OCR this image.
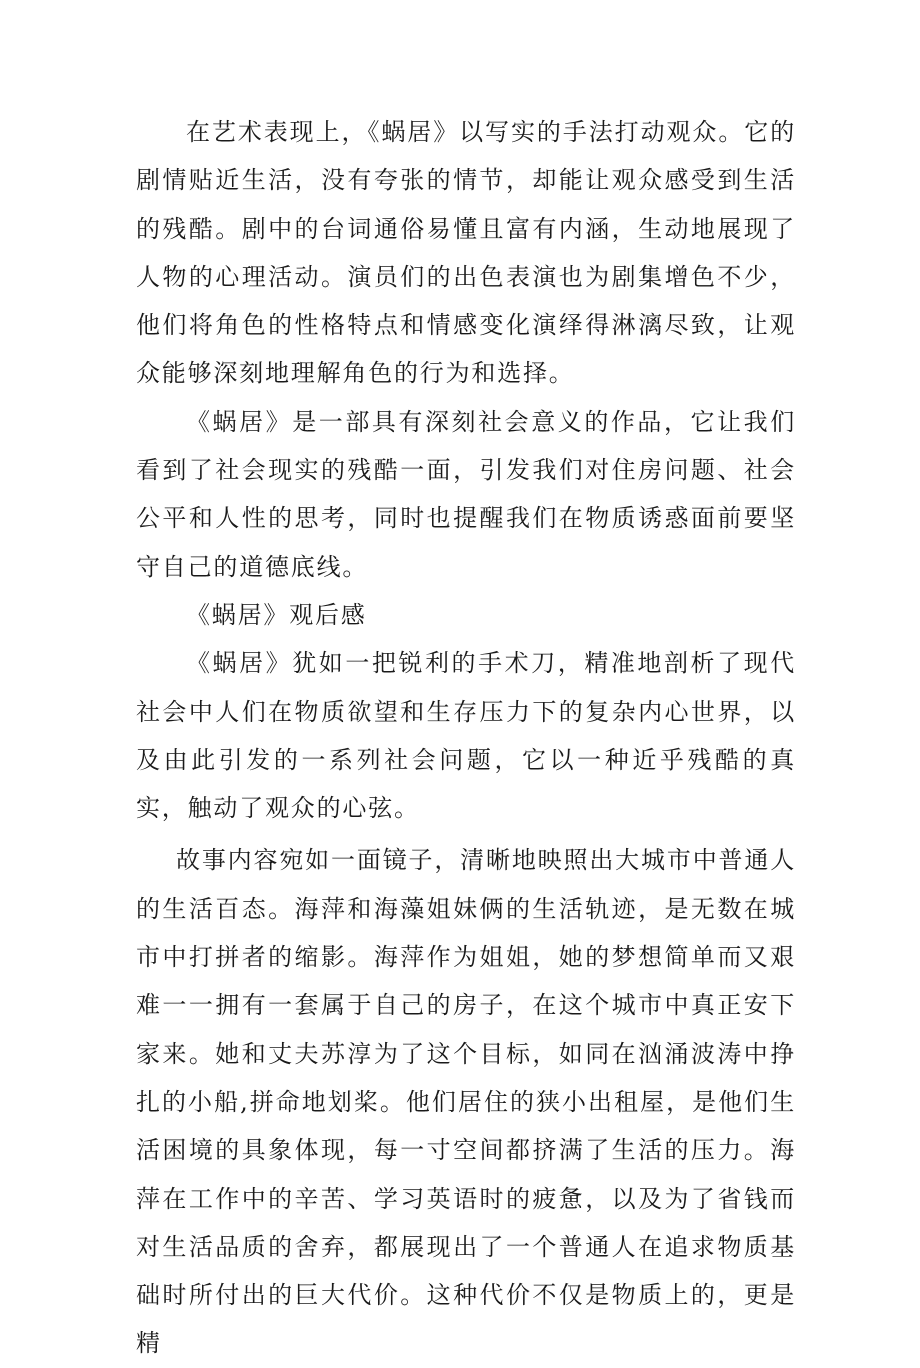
在艺术表现上，《蜗居》以写实的手法打动观众。它的剧情贴近生活，没有夸张的情节，却能让观众感受到生活的残酷。剧中的台词通俗易懂且富有内涵，生动地展现了人物的心理活动。演员们的出色表演也为剧集增色不少，他们将角色的性格特点和情感变化演绎得淋漓尽致，让观众能够深刻地理解角色的行为和选择。

《蜗居》是一部具有深刻社会意义的作品，它让我们看到了社会现实的残酷一面，引发我们对住房问题、社会公平和人性的思考，同时也提醒我们在物质诱惑面前要坚守自己的道德底线。

《蜗居》观后感

《蜗居》犹如一把锐利的手术刀，精准地剖析了现代社会中人们在物质欲望和生存压力下的复杂内心世界，以及由此引发的一系列社会问题，它以一种近乎残酷的真实，触动了观众的心弦。

故事内容宛如一面镜子，清晰地映照出大城市中普通人的生活百态。海萍和海藻姐妹俩的生活轨迹，是无数在城市中打拼者的缩影。海萍作为姐姐，她的梦想简单而又艰难一一拥有一套属于自己的房子，在这个城市中真正安下家来。她和丈夫苏淳为了这个目标，如同在汹涌波涛中挣扎的小船,拼命地划桨。他们居住的狭小出租屋，是他们生活困境的具象体现，每一寸空间都挤满了生活的压力。海萍在工作中的辛苦、学习英语时的疲惫，以及为了省钱而对生活品质的舍弃，都展现出了一个普通人在追求物质基础时所付出的巨大代价。这种代价不仅是物质上的，更是精
